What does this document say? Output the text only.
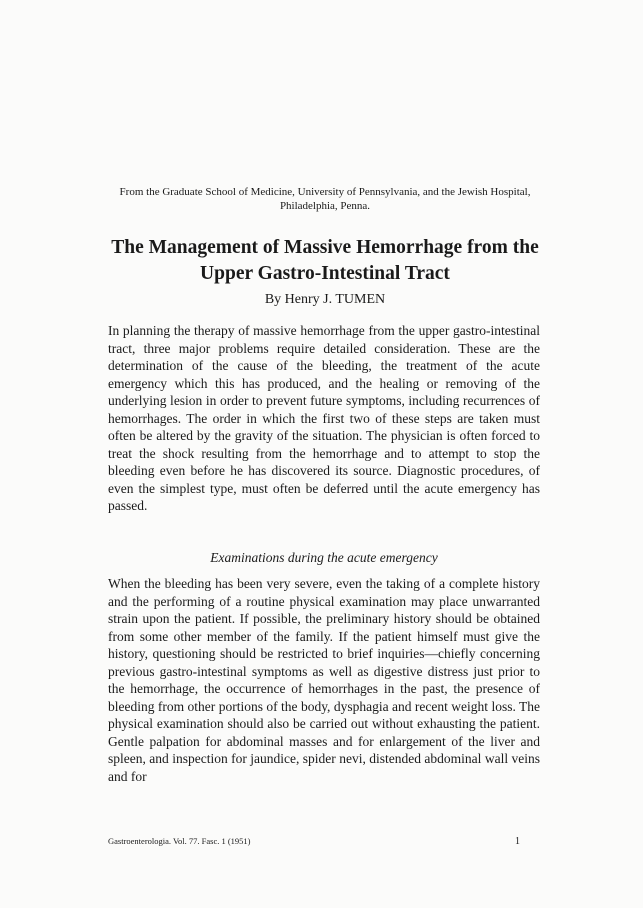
From the Graduate School of Medicine, University of Pennsylvania, and the Jewish Hospital, Philadelphia, Penna.
The Management of Massive Hemorrhage from the Upper Gastro-Intestinal Tract
By Henry J. TUMEN
In planning the therapy of massive hemorrhage from the upper gastro-intestinal tract, three major problems require detailed consideration. These are the determination of the cause of the bleeding, the treatment of the acute emergency which this has produced, and the healing or removing of the underlying lesion in order to prevent future symptoms, including recurrences of hemorrhages. The order in which the first two of these steps are taken must often be altered by the gravity of the situation. The physician is often forced to treat the shock resulting from the hemorrhage and to attempt to stop the bleeding even before he has discovered its source. Diagnostic procedures, of even the simplest type, must often be deferred until the acute emergency has passed.
Examinations during the acute emergency
When the bleeding has been very severe, even the taking of a complete history and the performing of a routine physical examination may place unwarranted strain upon the patient. If possible, the preliminary history should be obtained from some other member of the family. If the patient himself must give the history, questioning should be restricted to brief inquiries—chiefly concerning previous gastro-intestinal symptoms as well as digestive distress just prior to the hemorrhage, the occurrence of hemorrhages in the past, the presence of bleeding from other portions of the body, dysphagia and recent weight loss. The physical examination should also be carried out without exhausting the patient. Gentle palpation for abdominal masses and for enlargement of the liver and spleen, and inspection for jaundice, spider nevi, distended abdominal wall veins and for
Gastroenterologia. Vol. 77. Fasc. 1 (1951)	1
